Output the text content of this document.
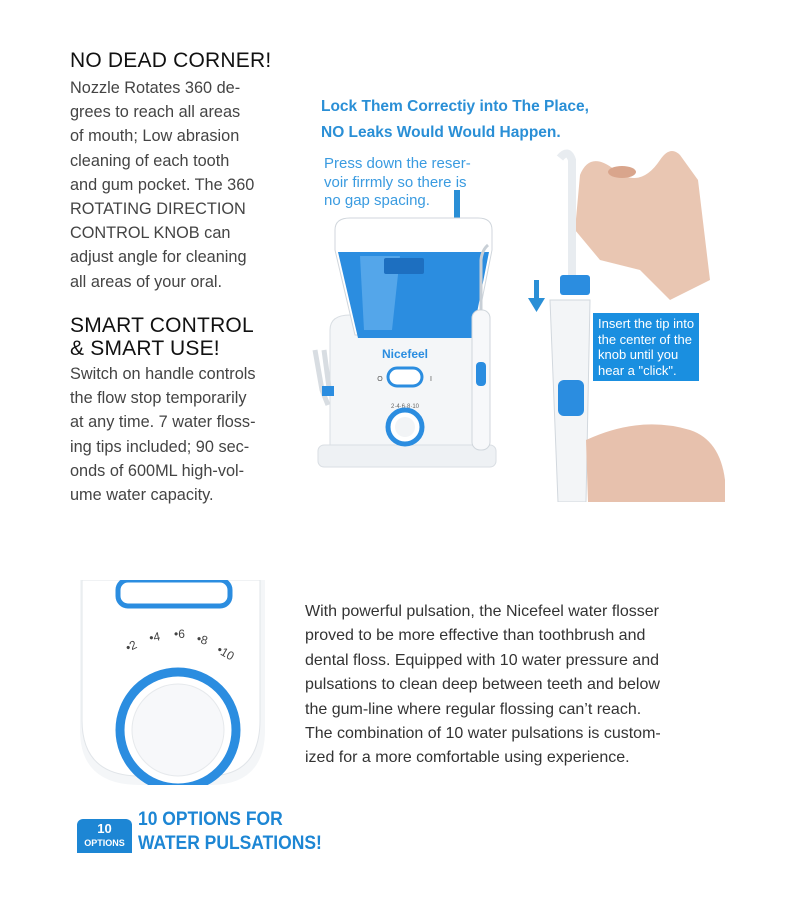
NO DEAD CORNER!
Nozzle Rotates 360 de-
grees to reach all areas
of mouth; Low abrasion
cleaning of each tooth
and gum pocket. The 360
ROTATING DIRECTION
CONTROL KNOB can
adjust angle for cleaning
all areas of your oral.
SMART CONTROL
& SMART USE!
Switch on handle controls
the flow stop temporarily
at any time. 7 water floss-
ing tips included; 90 sec-
onds of 600ML high-vol-
ume water capacity.
Lock Them Correctiy into The Place,
NO Leaks Would Would Happen.
Press down the reser-
voir firrmly so there is
no gap spacing.
Nicefeel
O	I
2·4·6·8·10
Insert the tip into
the center of the
knob until you
hear a "click".
•2
•4 •6 •8
•10
With powerful pulsation, the Nicefeel water flosser
proved to be more effective than toothbrush and
dental floss. Equipped with 10 water pressure and
pulsations to clean deep between teeth and below
the gum-line where regular flossing can’t reach.
The combination of 10 water pulsations is custom-
ized for a more comfortable using experience.
10
OPTIONS
10 OPTIONS FOR
WATER PULSATIONS!
